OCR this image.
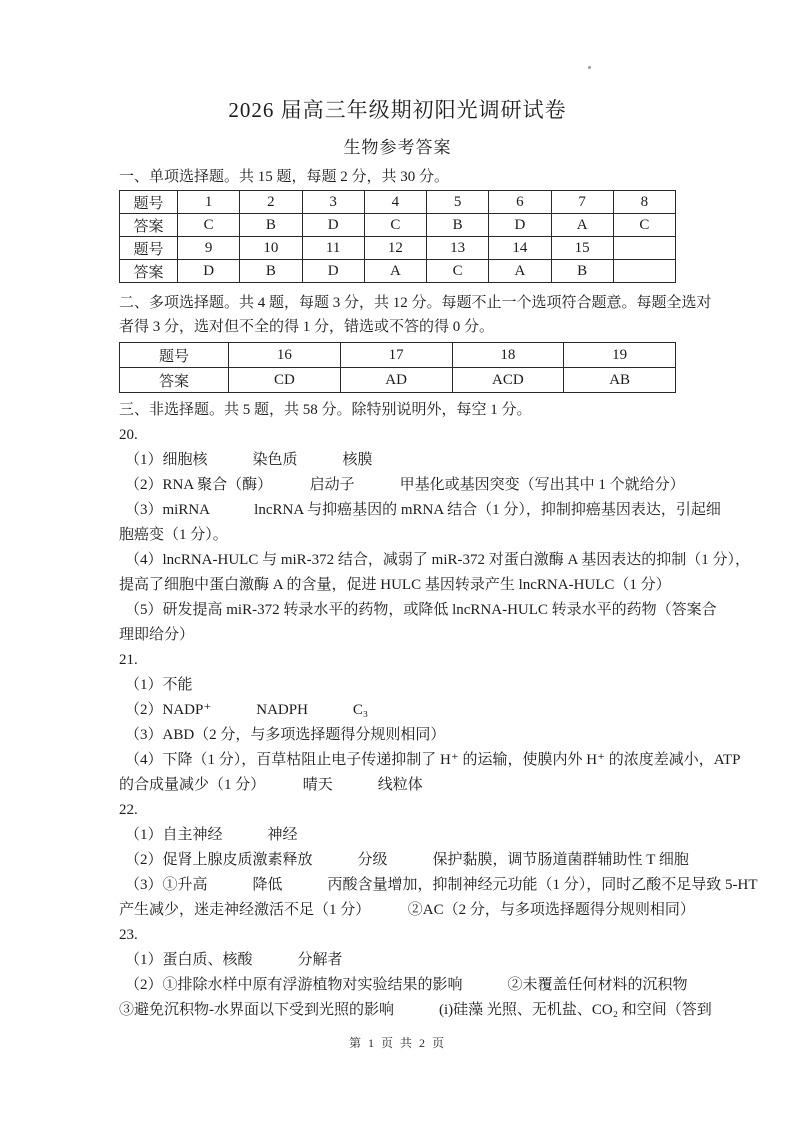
2026 届高三年级期初阳光调研试卷
生物参考答案
一、单项选择题。共 15 题，每题 2 分，共 30 分。
题号	1	2	3	4	5	6	7	8
答案	C	B	D	C	B	D	A	C
题号	9	10	11	12	13	14	15	
答案	D	B	D	A	C	A	B	
二、多项选择题。共 4 题，每题 3 分，共 12 分。每题不止一个选项符合题意。每题全选对
者得 3 分，选对但不全的得 1 分，错选或不答的得 0 分。
题号	16	17	18	19
答案	CD	AD	ACD	AB
三、非选择题。共 5 题，共 58 分。除特别说明外，每空 1 分。
20.
（1）细胞核　　　染色质　　　核膜
（2）RNA 聚合（酶）　　　启动子　　　甲基化或基因突变（写出其中 1 个就给分）
（3）miRNA　　　lncRNA 与抑癌基因的 mRNA 结合（1 分），抑制抑癌基因表达，引起细
胞癌变（1 分）。
（4）lncRNA-HULC 与 miR-372 结合，减弱了 miR-372 对蛋白激酶 A 基因表达的抑制（1 分），
提高了细胞中蛋白激酶 A 的含量，促进 HULC 基因转录产生 lncRNA-HULC（1 分）
（5）研发提高 miR-372 转录水平的药物，或降低 lncRNA-HULC 转录水平的药物（答案合
理即给分）
21.
（1）不能
（2）NADP⁺　　　NADPH　　　C₃
（3）ABD（2 分，与多项选择题得分规则相同）
（4）下降（1 分），百草枯阻止电子传递抑制了 H⁺ 的运输，使膜内外 H⁺ 的浓度差减小，ATP
的合成量减少（1 分）　　　晴天　　　线粒体
22.
（1）自主神经　　　神经
（2）促肾上腺皮质激素释放　　　分级　　　保护黏膜，调节肠道菌群辅助性 T 细胞
（3）①升高　　　降低　　　丙酸含量增加，抑制神经元功能（1 分），同时乙酸不足导致 5-HT
产生减少，迷走神经激活不足（1 分）　　　②AC（2 分，与多项选择题得分规则相同）
23.
（1）蛋白质、核酸　　　分解者
（2）①排除水样中原有浮游植物对实验结果的影响　　　②未覆盖任何材料的沉积物
③避免沉积物-水界面以下受到光照的影响　　　(i)硅藻 光照、无机盐、CO₂ 和空间（答到
第 1 页 共 2 页
